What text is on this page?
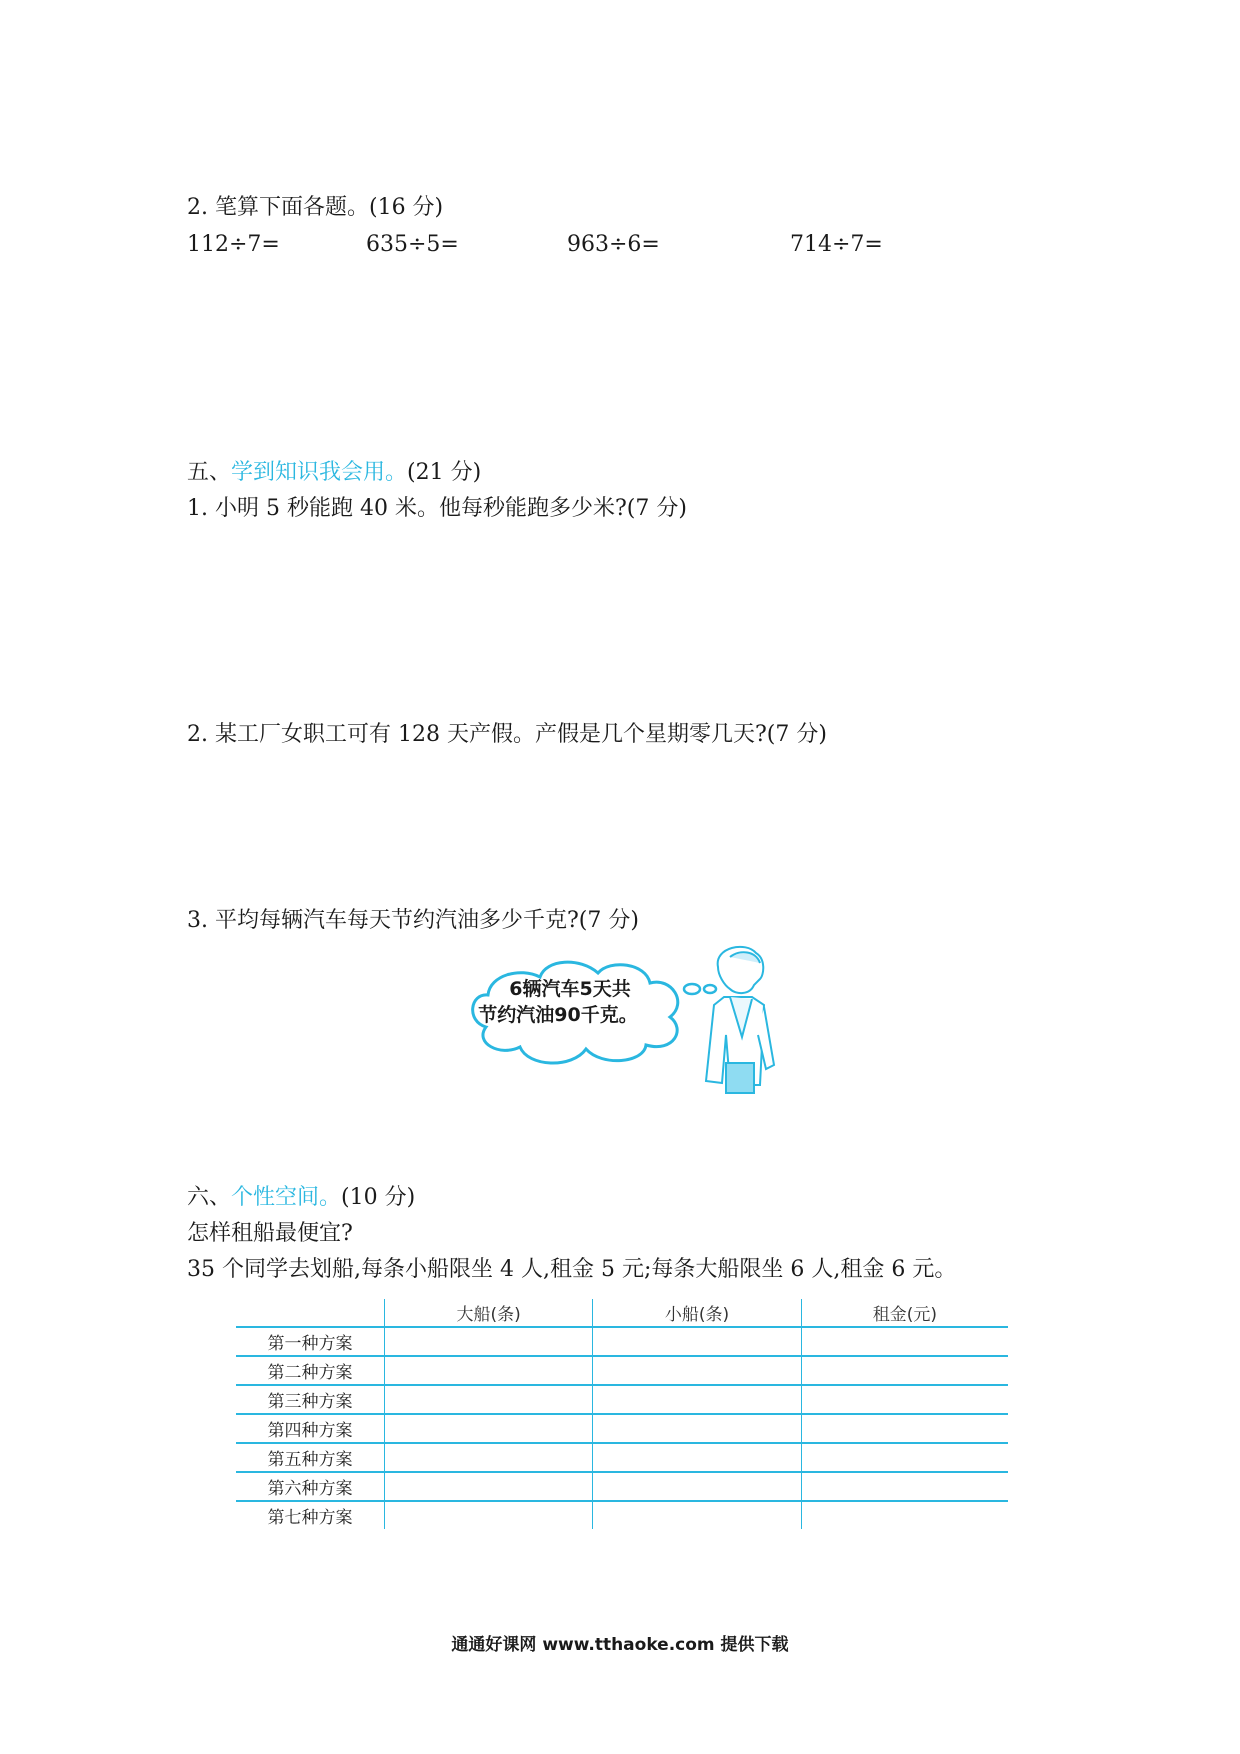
2. 笔算下面各题。(16 分)
112÷7=	635÷5=	963÷6=	714÷7=
五、学到知识我会用。(21 分)
1. 小明 5 秒能跑 40 米。他每秒能跑多少米?(7 分)
2. 某工厂女职工可有 128 天产假。产假是几个星期零几天?(7 分)
3. 平均每辆汽车每天节约汽油多少千克?(7 分)
6辆汽车5天共
节约汽油90千克。
六、个性空间。(10 分)
怎样租船最便宜?
35 个同学去划船,每条小船限坐 4 人,租金 5 元;每条大船限坐 6 人,租金 6 元。
	大船(条)	小船(条)	租金(元)
第一种方案			
第二种方案			
第三种方案			
第四种方案			
第五种方案			
第六种方案			
第七种方案			
通通好课网 www.tthaoke.com 提供下载
